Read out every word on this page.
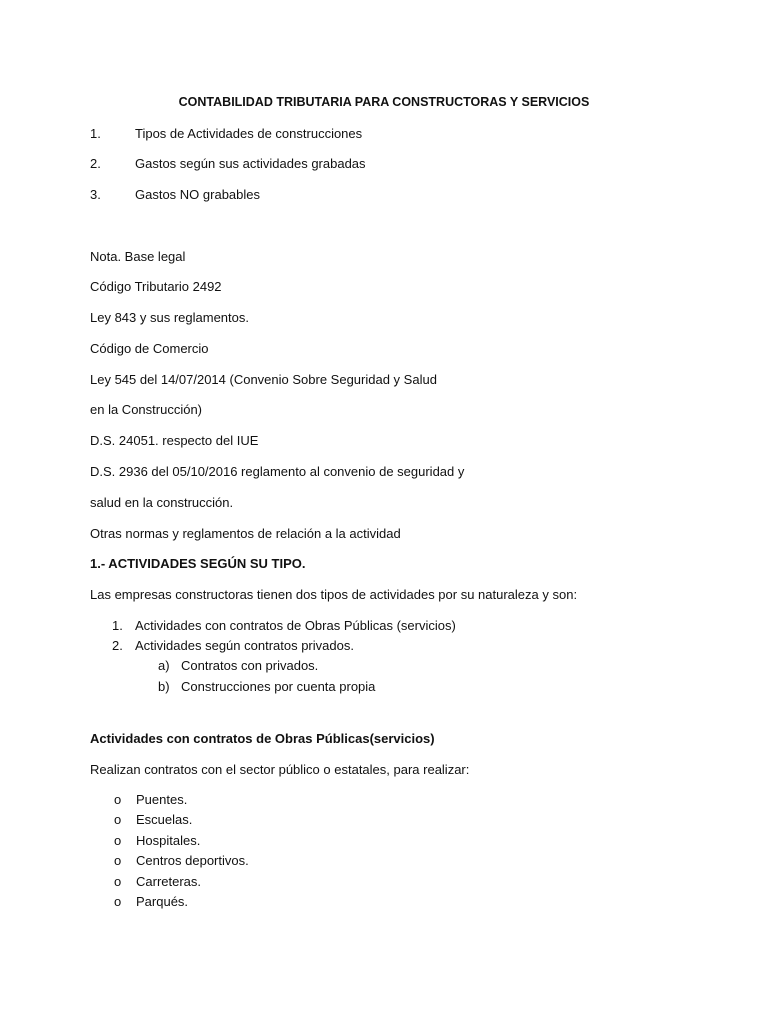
CONTABILIDAD TRIBUTARIA PARA CONSTRUCTORAS Y SERVICIOS
1.	Tipos de Actividades de construcciones
2.	Gastos según sus actividades grabadas
3.	Gastos NO grabables
Nota. Base legal
Código Tributario 2492
Ley 843 y sus reglamentos.
Código de Comercio
Ley 545 del 14/07/2014 (Convenio Sobre Seguridad y Salud
en la Construcción)
D.S. 24051. respecto del IUE
D.S. 2936 del 05/10/2016 reglamento al convenio de seguridad y
salud en la construcción.
Otras normas y reglamentos de relación a la actividad
1.- ACTIVIDADES SEGÚN SU TIPO.
Las empresas constructoras tienen dos tipos de actividades por su naturaleza y son:
1. Actividades con contratos de Obras Públicas (servicios)
2. Actividades según contratos privados.
a) Contratos con privados.
b) Construcciones por cuenta propia
Actividades con contratos de Obras Públicas(servicios)
Realizan contratos con el sector público o estatales, para realizar:
o Puentes.
o Escuelas.
o Hospitales.
o Centros deportivos.
o Carreteras.
o Parqués.
